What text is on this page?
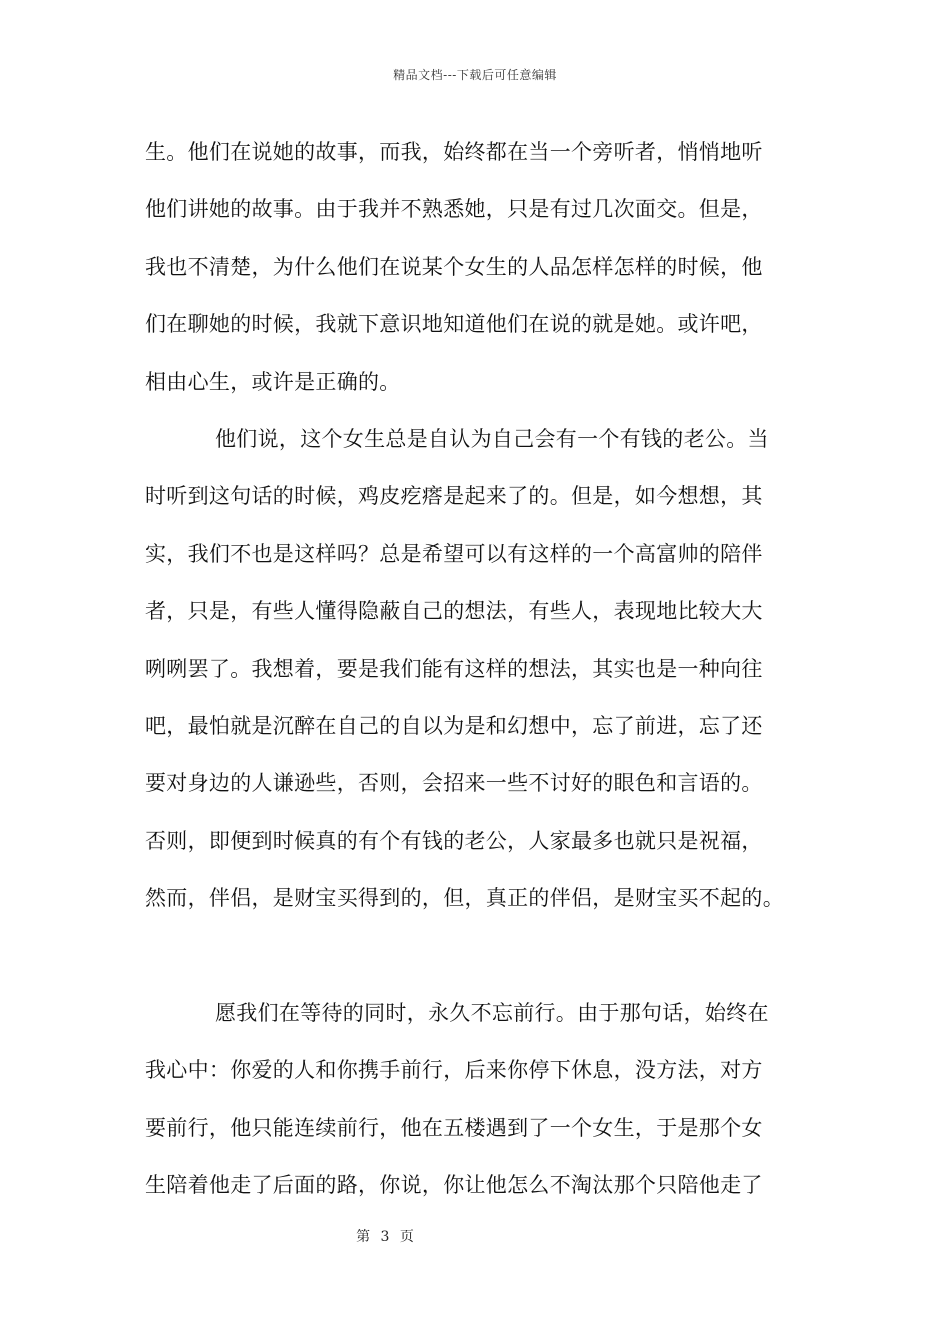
精品文档---下载后可任意编辑
生。他们在说她的故事，而我，始终都在当一个旁听者，悄悄地听
他们讲她的故事。由于我并不熟悉她，只是有过几次面交。但是，
我也不清楚，为什么他们在说某个女生的人品怎样怎样的时候，他
们在聊她的时候，我就下意识地知道他们在说的就是她。或许吧，
相由心生，或许是正确的。
他们说，这个女生总是自认为自己会有一个有钱的老公。当
时听到这句话的时候，鸡皮疙瘩是起来了的。但是，如今想想，其
实，我们不也是这样吗？总是希望可以有这样的一个高富帅的陪伴
者，只是，有些人懂得隐蔽自己的想法，有些人，表现地比较大大
咧咧罢了。我想着，要是我们能有这样的想法，其实也是一种向往
吧，最怕就是沉醉在自己的自以为是和幻想中，忘了前进，忘了还
要对身边的人谦逊些，否则，会招来一些不讨好的眼色和言语的。
否则，即便到时候真的有个有钱的老公，人家最多也就只是祝福，
然而，伴侣，是财宝买得到的，但，真正的伴侣，是财宝买不起的。
愿我们在等待的同时，永久不忘前行。由于那句话，始终在
我心中：你爱的人和你携手前行，后来你停下休息，没方法，对方
要前行，他只能连续前行，他在五楼遇到了一个女生，于是那个女
生陪着他走了后面的路，你说，你让他怎么不淘汰那个只陪他走了
第 3 页
